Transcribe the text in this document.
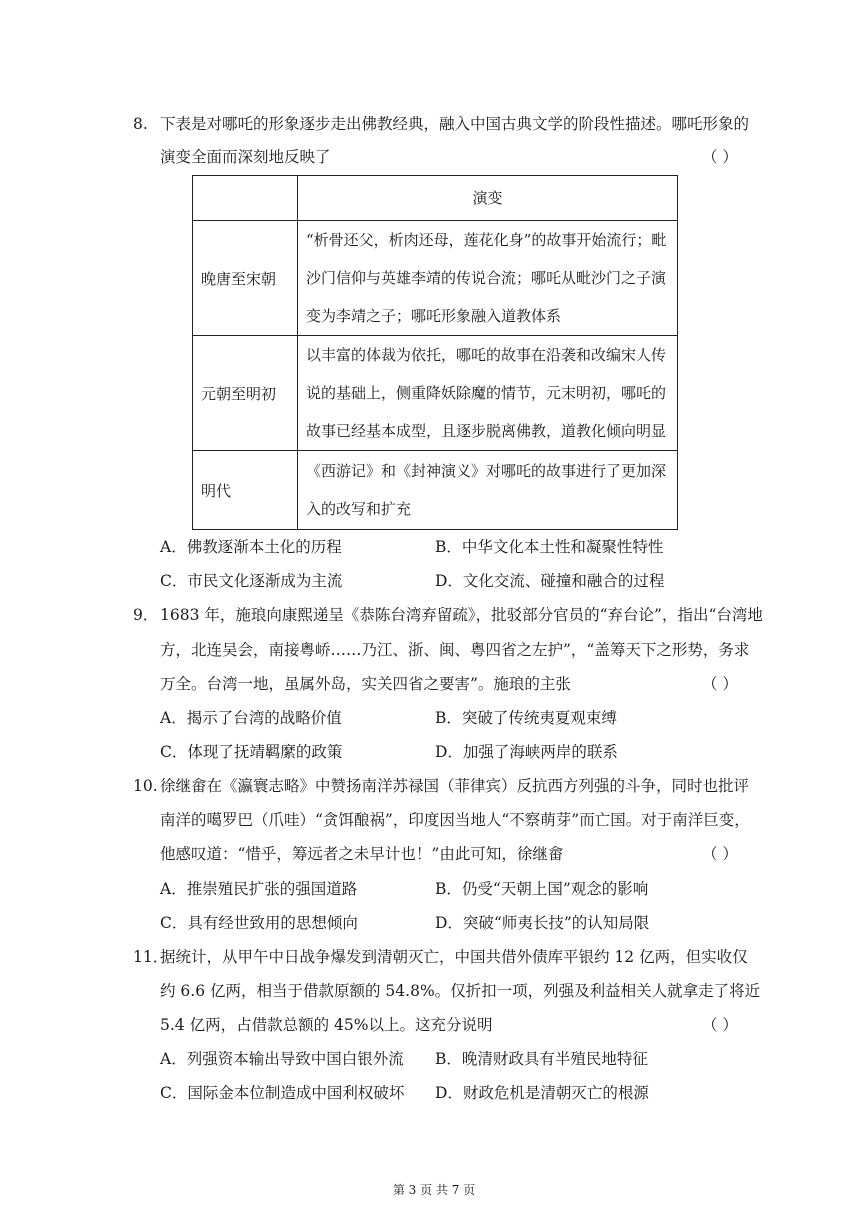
8. 下表是对哪吒的形象逐步走出佛教经典，融入中国古典文学的阶段性描述。哪吒形象的
演变全面而深刻地反映了	（ ）
	演变
晚唐至宋朝	“析骨还父，析肉还母，莲花化身”的故事开始流行；毗
沙门信仰与英雄李靖的传说合流；哪吒从毗沙门之子演
变为李靖之子；哪吒形象融入道教体系

元朝至明初	以丰富的体裁为依托，哪吒的故事在沿袭和改编宋人传
说的基础上，侧重降妖除魔的情节，元末明初，哪吒的
故事已经基本成型，且逐步脱离佛教，道教化倾向明显

明代	《西游记》和《封神演义》对哪吒的故事进行了更加深
入的改写和扩充
A．佛教逐渐本土化的历程	B．中华文化本土性和凝聚性特性
C．市民文化逐渐成为主流	D．文化交流、碰撞和融合的过程
9． 1683 年，施琅向康熙递呈《恭陈台湾弃留疏》，批驳部分官员的“弃台论”，指出“台湾地
方，北连吴会，南接粤峤……乃江、浙、闽、粤四省之左护”，“盖筹天下之形势，务求
万全。台湾一地，虽属外岛，实关四省之要害”。施琅的主张	（ ）
A．揭示了台湾的战略价值	B．突破了传统夷夏观束缚
C．体现了抚靖羁縻的政策	D．加强了海峡两岸的联系
10. 徐继畲在《瀛寰志略》中赞扬南洋苏禄国（菲律宾）反抗西方列强的斗争，同时也批评
南洋的噶罗巴（爪哇）“贪饵酿祸”，印度因当地人“不察萌芽”而亡国。对于南洋巨变，
他感叹道：“惜乎，筹远者之未早计也！”由此可知，徐继畲	（ ）
A．推崇殖民扩张的强国道路	B．仍受“天朝上国”观念的影响
C．具有经世致用的思想倾向	D．突破“师夷长技”的认知局限
11．
据统计，从甲午中日战争爆发到清朝灭亡，中国共借外债库平银约 12 亿两，但实收仅
约 6.6 亿两，相当于借款原额的 54.8%。仅折扣一项，列强及利益相关人就拿走了将近
5.4 亿两，占借款总额的 45%以上。这充分说明	（ ）
A．列强资本输出导致中国白银外流 B．晚清财政具有半殖民地特征
C．国际金本位制造成中国利权破坏 D．财政危机是清朝灭亡的根源
第 3 页 共 7 页
